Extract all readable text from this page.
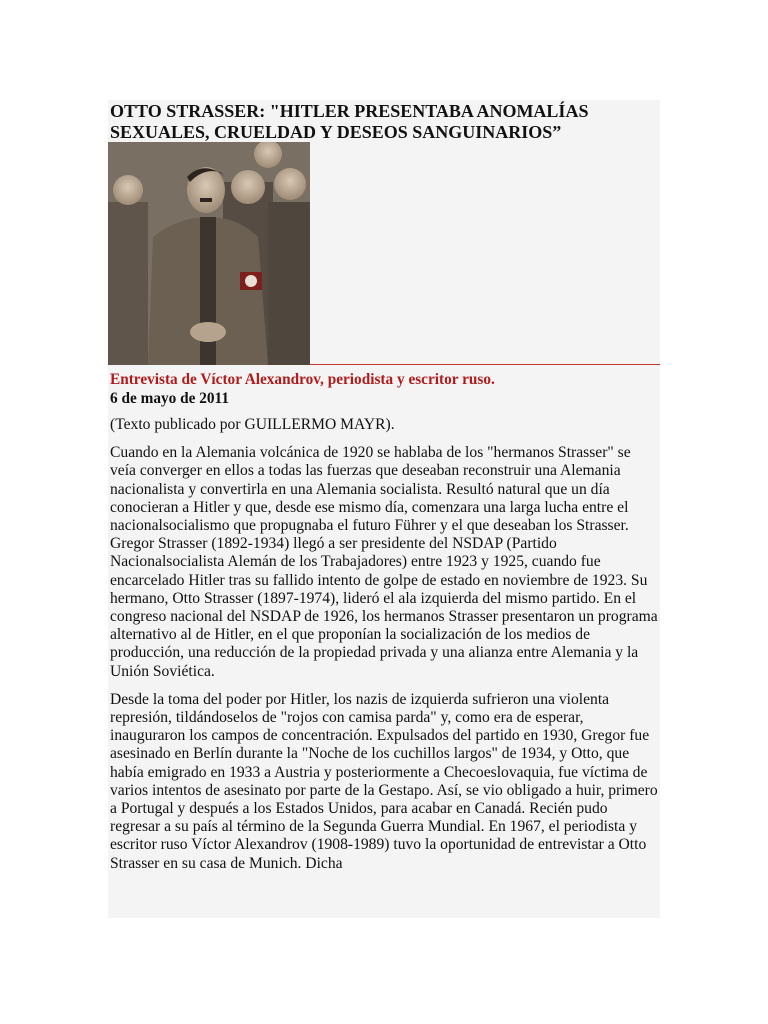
OTTO STRASSER: "HITLER PRESENTABA ANOMALÍAS SEXUALES, CRUELDAD Y DESEOS SANGUINARIOS”

Entrevista de Víctor Alexandrov, periodista y escritor ruso.

6 de mayo de 2011

(Texto publicado por GUILLERMO MAYR).

Cuando en la Alemania volcánica de 1920 se hablaba de los "hermanos Strasser" se veía converger en ellos a todas las fuerzas que deseaban reconstruir una Alemania nacionalista y convertirla en una Alemania socialista. Resultó natural que un día conocieran a Hitler y que, desde ese mismo día, comenzara una larga lucha entre el nacionalsocialismo que propugnaba el futuro Führer y el que deseaban los Strasser. Gregor Strasser (1892-1934) llegó a ser presidente del NSDAP (Partido Nacionalsocialista Alemán de los Trabajadores) entre 1923 y 1925, cuando fue encarcelado Hitler tras su fallido intento de golpe de estado en noviembre de 1923. Su hermano, Otto Strasser (1897-1974), lideró el ala izquierda del mismo partido. En el congreso nacional del NSDAP de 1926, los hermanos Strasser presentaron un programa alternativo al de Hitler, en el que proponían la socialización de los medios de producción, una reducción de la propiedad privada y una alianza entre Alemania y la Unión Soviética.

Desde la toma del poder por Hitler, los nazis de izquierda sufrieron una violenta represión, tildándoselos de "rojos con camisa parda" y, como era de esperar, inauguraron los campos de concentración. Expulsados del partido en 1930, Gregor fue asesinado en Berlín durante la "Noche de los cuchillos largos" de 1934, y Otto, que había emigrado en 1933 a Austria y posteriormente a Checoeslovaquia, fue víctima de varios intentos de asesinato por parte de la Gestapo. Así, se vio obligado a huir, primero a Portugal y después a los Estados Unidos, para acabar en Canadá. Recién pudo regresar a su país al término de la Segunda Guerra Mundial. En 1967, el periodista y escritor ruso Víctor Alexandrov (1908-1989) tuvo la oportunidad de entrevistar a Otto Strasser en su casa de Munich. Dicha
